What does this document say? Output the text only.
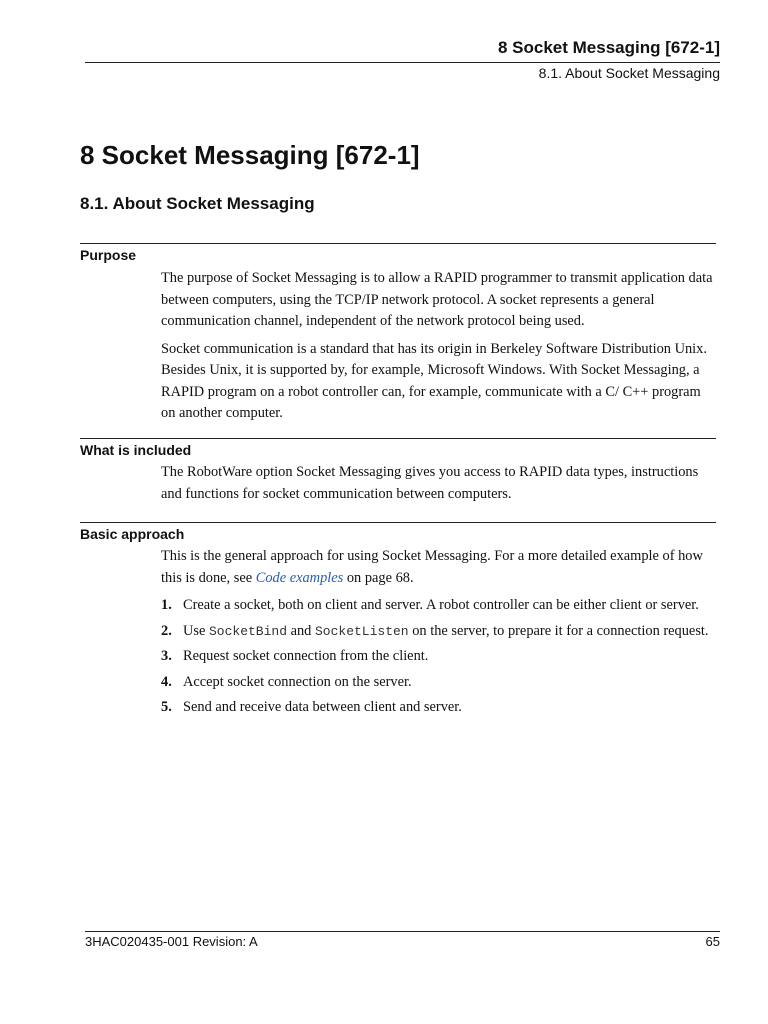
8 Socket Messaging [672-1]
8.1. About Socket Messaging
8 Socket Messaging [672-1]
8.1. About Socket Messaging
Purpose

The purpose of Socket Messaging is to allow a RAPID programmer to transmit application data between computers, using the TCP/IP network protocol. A socket represents a general communication channel, independent of the network protocol being used.

Socket communication is a standard that has its origin in Berkeley Software Distribution Unix. Besides Unix, it is supported by, for example, Microsoft Windows. With Socket Messaging, a RAPID program on a robot controller can, for example, communicate with a C/ C++ program on another computer.

What is included

The RobotWare option Socket Messaging gives you access to RAPID data types, instructions and functions for socket communication between computers.

Basic approach

This is the general approach for using Socket Messaging. For a more detailed example of how this is done, see Code examples on page 68.

1. Create a socket, both on client and server. A robot controller can be either client or server.
2. Use SocketBind and SocketListen on the server, to prepare it for a connection request.
3. Request socket connection from the client.
4. Accept socket connection on the server.
5. Send and receive data between client and server.
3HAC020435-001 Revision: A	65
